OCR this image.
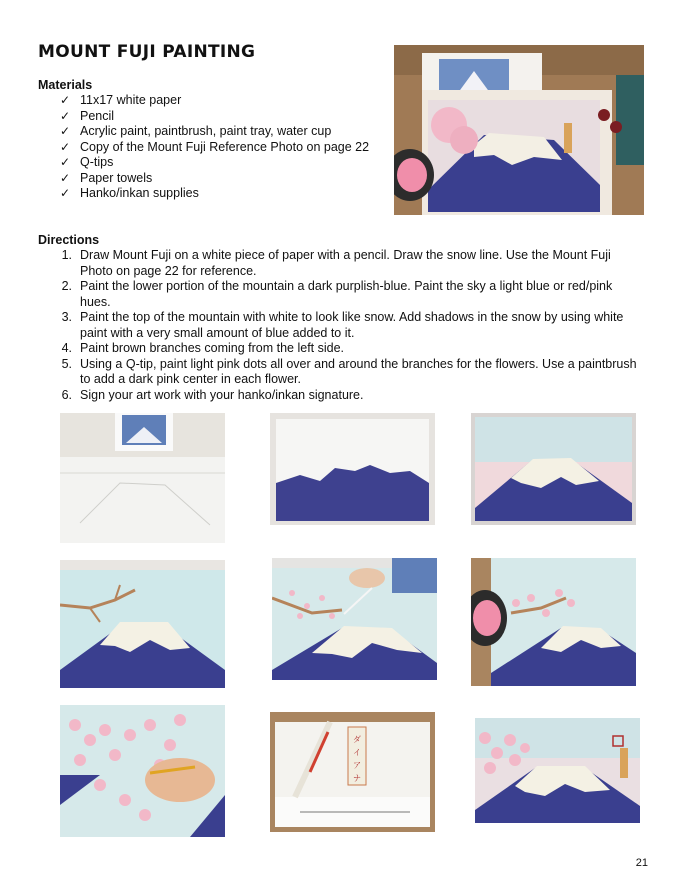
MOUNT FUJI PAINTING
Materials
✓ 11x17 white paper
✓ Pencil
✓ Acrylic paint, paintbrush, paint tray, water cup
✓ Copy of the Mount Fuji Reference Photo on page 22
✓ Q-tips
✓ Paper towels
✓ Hanko/inkan supplies
Directions
1. Draw Mount Fuji on a white piece of paper with a pencil. Draw the snow line. Use the Mount Fuji Photo on page 22 for reference.
2. Paint the lower portion of the mountain a dark purplish-blue. Paint the sky a light blue or red/pink hues.
3. Paint the top of the mountain with white to look like snow. Add shadows in the snow by using white paint with a very small amount of blue added to it.
4. Paint brown branches coming from the left side.
5. Using a Q-tip, paint light pink dots all over and around the branches for the flowers. Use a paintbrush to add a dark pink center in each flower.
6. Sign your art work with your hanko/inkan signature.
ダ
イ
ア
ナ
21
